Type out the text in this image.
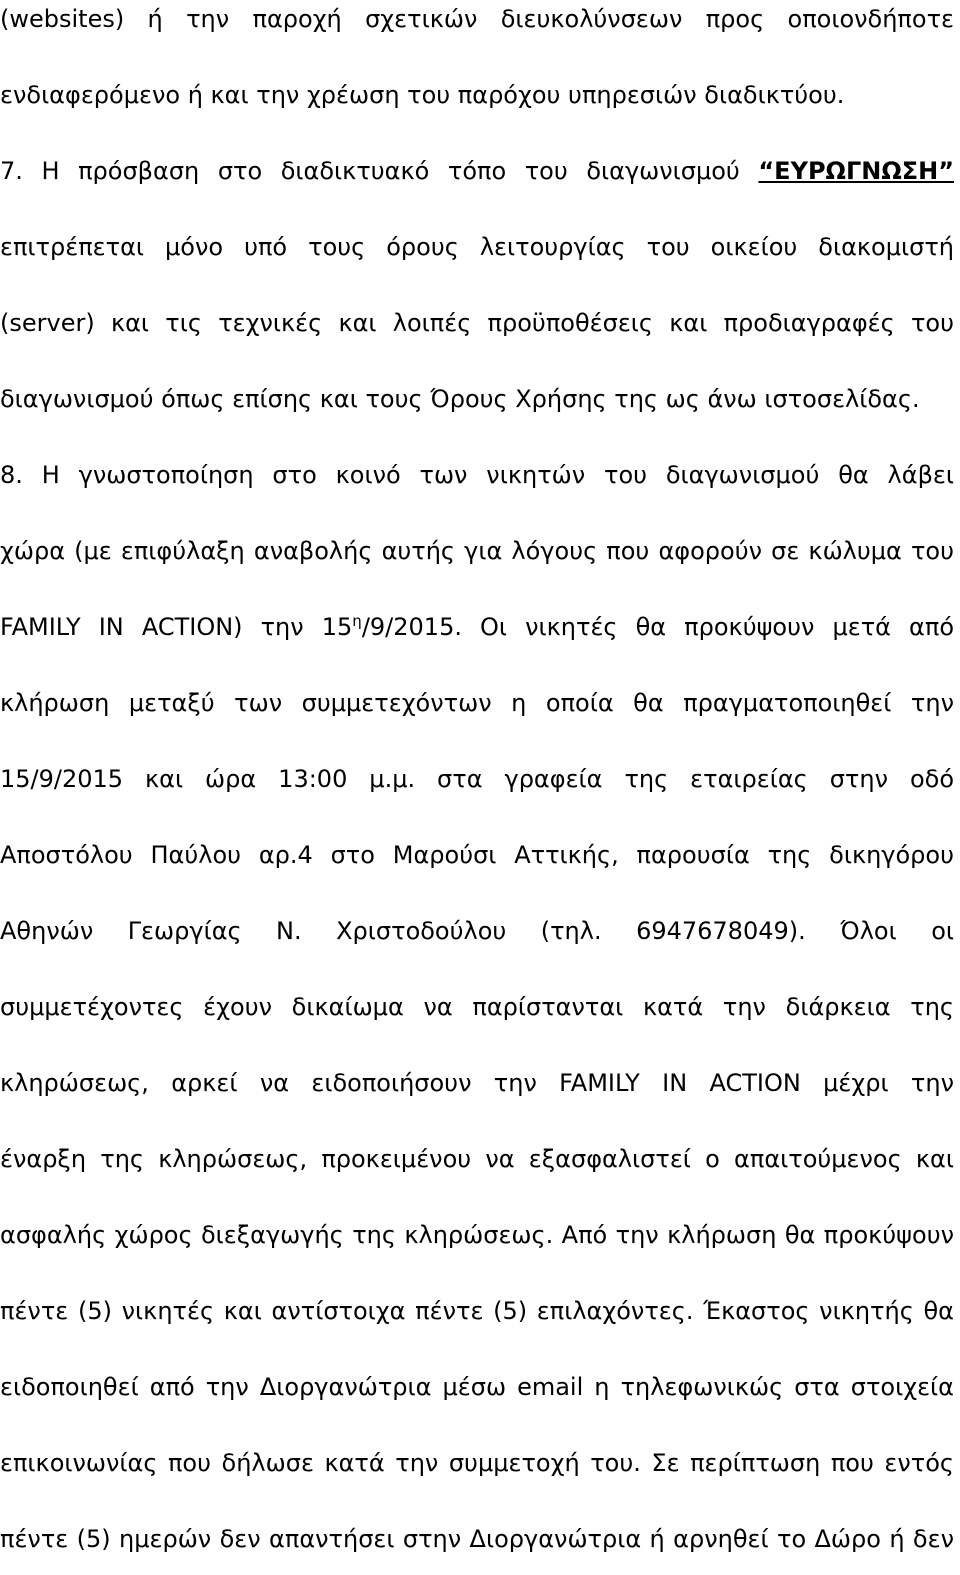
(websites) ή την παροχή σχετικών διευκολύνσεων προς οποιονδήποτε
ενδιαφερόμενο ή και την χρέωση του παρόχου υπηρεσιών διαδικτύου.
7. Η πρόσβαση στο διαδικτυακό τόπο του διαγωνισμού “ΕΥΡΩΓΝΩΣΗ”
επιτρέπεται μόνο υπό τους όρους λειτουργίας του οικείου διακομιστή
(server) και τις τεχνικές και λοιπές προϋποθέσεις και προδιαγραφές του
διαγωνισμού όπως επίσης και τους Όρους Χρήσης της ως άνω ιστοσελίδας.
8. Η γνωστοποίηση στο κοινό των νικητών του διαγωνισμού θα λάβει
χώρα (με επιφύλαξη αναβολής αυτής για λόγους που αφορούν σε κώλυμα του
FAMILY IN ACTION) την $15^\eta/9/2015$. Οι νικητές θα προκύψουν μετά από
κλήρωση μεταξύ των συμμετεχόντων η οποία θα πραγματοποιηθεί την
15/9/2015 και ώρα 13:00 μ.μ. στα γραφεία της εταιρείας στην οδό
Αποστόλου Παύλου αρ.4 στο Μαρούσι Αττικής, παρουσία της δικηγόρου
Αθηνών Γεωργίας Ν. Χριστοδούλου (τηλ. 6947678049). Όλοι οι
συμμετέχοντες έχουν δικαίωμα να παρίστανται κατά την διάρκεια της
κληρώσεως, αρκεί να ειδοποιήσουν την FAMILY IN ACTION μέχρι την
έναρξη της κληρώσεως, προκειμένου να εξασφαλιστεί ο απαιτούμενος και
ασφαλής χώρος διεξαγωγής της κληρώσεως. Από την κλήρωση θα προκύψουν
πέντε (5) νικητές και αντίστοιχα πέντε (5) επιλαχόντες. Έκαστος νικητής θα
ειδοποιηθεί από την Διοργανώτρια μέσω email η τηλεφωνικώς στα στοιχεία
επικοινωνίας που δήλωσε κατά την συμμετοχή του. Σε περίπτωση που εντός
πέντε (5) ημερών δεν απαντήσει στην Διοργανώτρια ή αρνηθεί το Δώρο ή δεν
